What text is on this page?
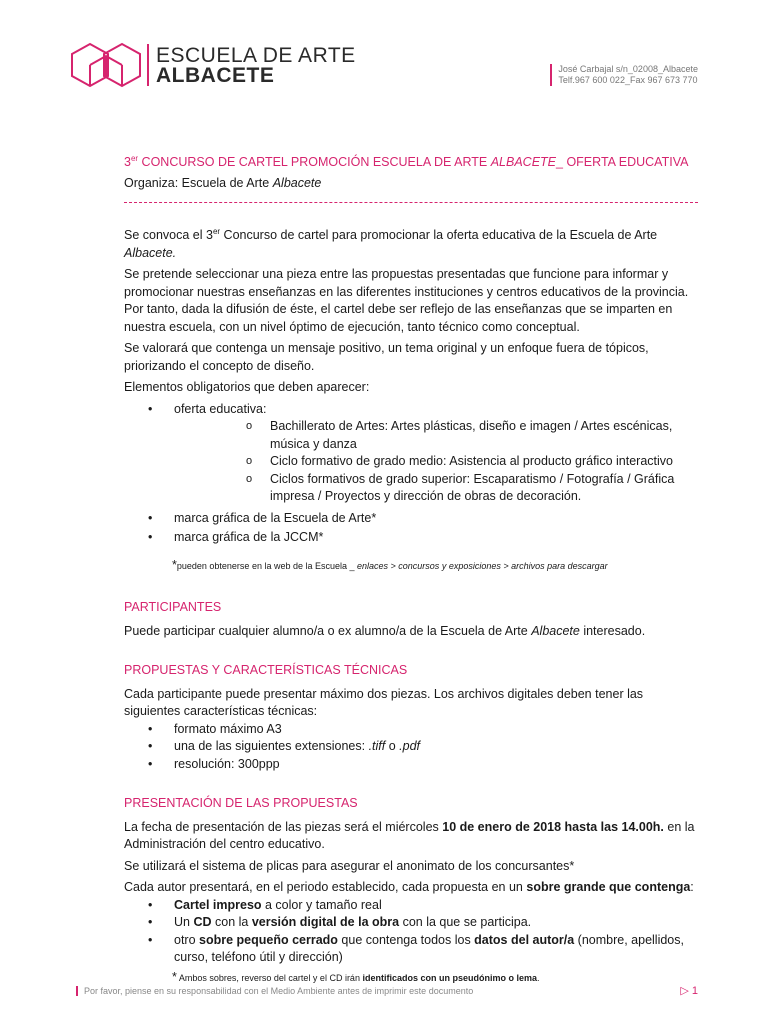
ESCUELA DE ARTE
ALBACETE	José Carbajal s/n_02008_Albacete
Telf.967 600 022_Fax 967 673 770
3er CONCURSO DE CARTEL PROMOCIÓN ESCUELA DE ARTE ALBACETE_ OFERTA EDUCATIVA
Organiza: Escuela de Arte Albacete

Se convoca el 3er Concurso de cartel para promocionar la oferta educativa de la Escuela de Arte Albacete.

Se pretende seleccionar una pieza entre las propuestas presentadas que funcione para informar y promocionar nuestras enseñanzas en las diferentes instituciones y centros educativos de la provincia. Por tanto, dada la difusión de éste, el cartel debe ser reflejo de las enseñanzas que se imparten en nuestra escuela, con un nivel óptimo de ejecución, tanto técnico como conceptual.

Se valorará que contenga un mensaje positivo, un tema original y un enfoque fuera de tópicos, priorizando el concepto de diseño.

Elementos obligatorios que deben aparecer:

• oferta educativa:
o Bachillerato de Artes: Artes plásticas, diseño e imagen / Artes escénicas, música y danza
o Ciclo formativo de grado medio: Asistencia al producto gráfico interactivo
o Ciclos formativos de grado superior: Escaparatismo / Fotografía / Gráfica impresa / Proyectos y dirección de obras de decoración.
• marca gráfica de la Escuela de Arte*
• marca gráfica de la JCCM*
*pueden obtenerse en la web de la Escuela _ enlaces > concursos y exposiciones > archivos para descargar
PARTICIPANTES

Puede participar cualquier alumno/a o ex alumno/a de la Escuela de Arte Albacete interesado.

PROPUESTAS Y CARACTERÍSTICAS TÉCNICAS

Cada participante puede presentar máximo dos piezas. Los archivos digitales deben tener las siguientes características técnicas:

• formato máximo A3
• una de las siguientes extensiones: .tiff o .pdf
• resolución: 300ppp
PRESENTACIÓN DE LAS PROPUESTAS

La fecha de presentación de las piezas será el miércoles 10 de enero de 2018 hasta las 14.00h. en la Administración del centro educativo.

Se utilizará el sistema de plicas para asegurar el anonimato de los concursantes*

Cada autor presentará, en el periodo establecido, cada propuesta en un sobre grande que contenga:

• Cartel impreso a color y tamaño real
• Un CD con la versión digital de la obra con la que se participa.
• otro sobre pequeño cerrado que contenga todos los datos del autor/a (nombre, apellidos, curso, teléfono útil y dirección)
* Ambos sobres, reverso del cartel y el CD irán identificados con un pseudónimo o lema.
Por favor, piense en su responsabilidad con el Medio Ambiente antes de imprimir este documento	▷ 1
